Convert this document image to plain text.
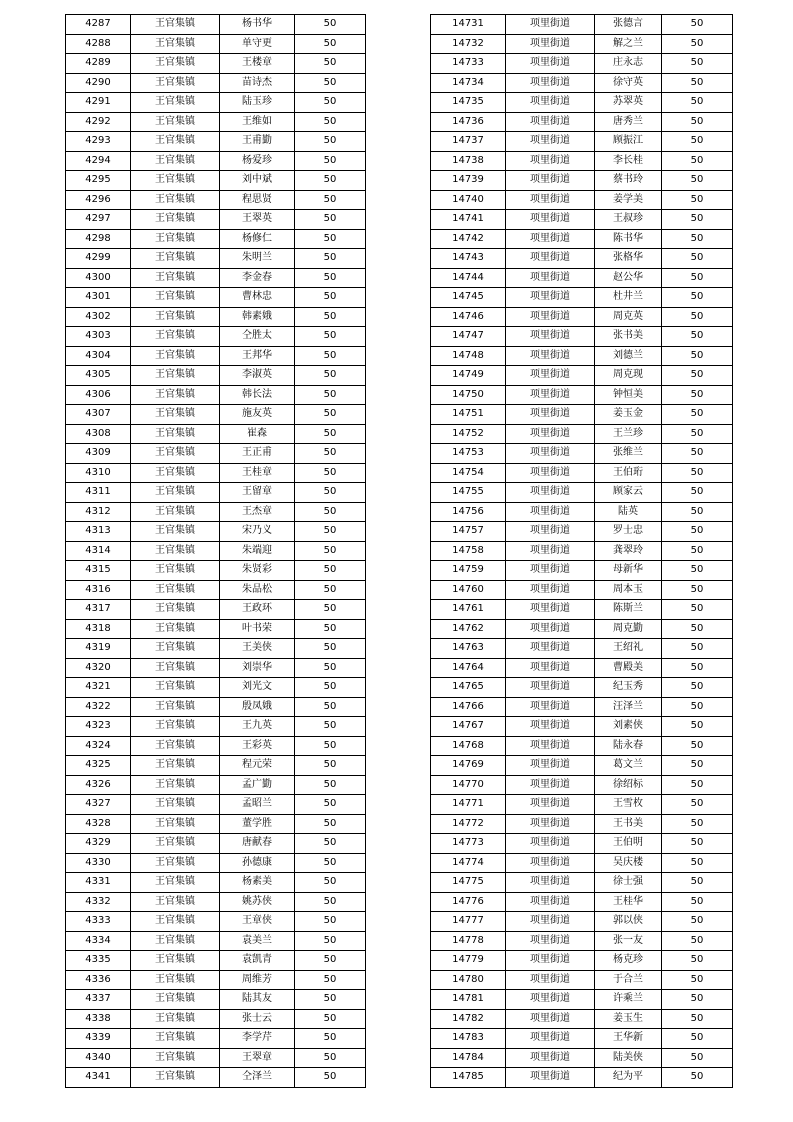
4287	王官集镇	杨书华	50
4288	王官集镇	单守更	50
4289	王官集镇	王楼章	50
4290	王官集镇	苗诗杰	50
4291	王官集镇	陆玉珍	50
4292	王官集镇	王维如	50
4293	王官集镇	王甫勤	50
4294	王官集镇	杨爱珍	50
4295	王官集镇	刘中斌	50
4296	王官集镇	程思贤	50
4297	王官集镇	王翠英	50
4298	王官集镇	杨修仁	50
4299	王官集镇	朱明兰	50
4300	王官集镇	李金春	50
4301	王官集镇	曹林忠	50
4302	王官集镇	韩素娥	50
4303	王官集镇	仝胜太	50
4304	王官集镇	王邦华	50
4305	王官集镇	李淑英	50
4306	王官集镇	韩长法	50
4307	王官集镇	施友英	50
4308	王官集镇	崔森	50
4309	王官集镇	王正甫	50
4310	王官集镇	王桂章	50
4311	王官集镇	王留章	50
4312	王官集镇	王杰章	50
4313	王官集镇	宋乃义	50
4314	王官集镇	朱端迎	50
4315	王官集镇	朱贤彩	50
4316	王官集镇	朱品松	50
4317	王官集镇	王政环	50
4318	王官集镇	叶书荣	50
4319	王官集镇	王美侠	50
4320	王官集镇	刘崇华	50
4321	王官集镇	刘光文	50
4322	王官集镇	殷凤娥	50
4323	王官集镇	王九英	50
4324	王官集镇	王彩英	50
4325	王官集镇	程元荣	50
4326	王官集镇	孟广勤	50
4327	王官集镇	孟昭兰	50
4328	王官集镇	董学胜	50
4329	王官集镇	唐献春	50
4330	王官集镇	孙德康	50
4331	王官集镇	杨素美	50
4332	王官集镇	姚苏侠	50
4333	王官集镇	王章侠	50
4334	王官集镇	袁美兰	50
4335	王官集镇	袁凯青	50
4336	王官集镇	周维芳	50
4337	王官集镇	陆其友	50
4338	王官集镇	张士云	50
4339	王官集镇	李学芹	50
4340	王官集镇	王翠章	50
4341	王官集镇	仝泽兰	50
14731	项里街道	张德言	50
14732	项里街道	解之兰	50
14733	项里街道	庄永志	50
14734	项里街道	徐守英	50
14735	项里街道	苏翠英	50
14736	项里街道	唐秀兰	50
14737	项里街道	顾振江	50
14738	项里街道	李长桂	50
14739	项里街道	蔡书玲	50
14740	项里街道	姜学美	50
14741	项里街道	王叔珍	50
14742	项里街道	陈书华	50
14743	项里街道	张格华	50
14744	项里街道	赵公华	50
14745	项里街道	杜井兰	50
14746	项里街道	周克英	50
14747	项里街道	张书美	50
14748	项里街道	刘德兰	50
14749	项里街道	周克现	50
14750	项里街道	钟恒美	50
14751	项里街道	姜玉金	50
14752	项里街道	王兰珍	50
14753	项里街道	张维兰	50
14754	项里街道	王伯珩	50
14755	项里街道	顾家云	50
14756	项里街道	陆英	50
14757	项里街道	罗士忠	50
14758	项里街道	龚翠玲	50
14759	项里街道	母新华	50
14760	项里街道	周本玉	50
14761	项里街道	陈斯兰	50
14762	项里街道	周克勤	50
14763	项里街道	王绍礼	50
14764	项里街道	曹殿美	50
14765	项里街道	纪玉秀	50
14766	项里街道	汪泽兰	50
14767	项里街道	刘素侠	50
14768	项里街道	陆永春	50
14769	项里街道	葛文兰	50
14770	项里街道	徐绍标	50
14771	项里街道	王雪枚	50
14772	项里街道	王书美	50
14773	项里街道	王伯明	50
14774	项里街道	吴庆楼	50
14775	项里街道	徐士强	50
14776	项里街道	王桂华	50
14777	项里街道	郭以侠	50
14778	项里街道	张一友	50
14779	项里街道	杨克珍	50
14780	项里街道	于合兰	50
14781	项里街道	许乘兰	50
14782	项里街道	姜玉生	50
14783	项里街道	王华新	50
14784	项里街道	陆美侠	50
14785	项里街道	纪为平	50
